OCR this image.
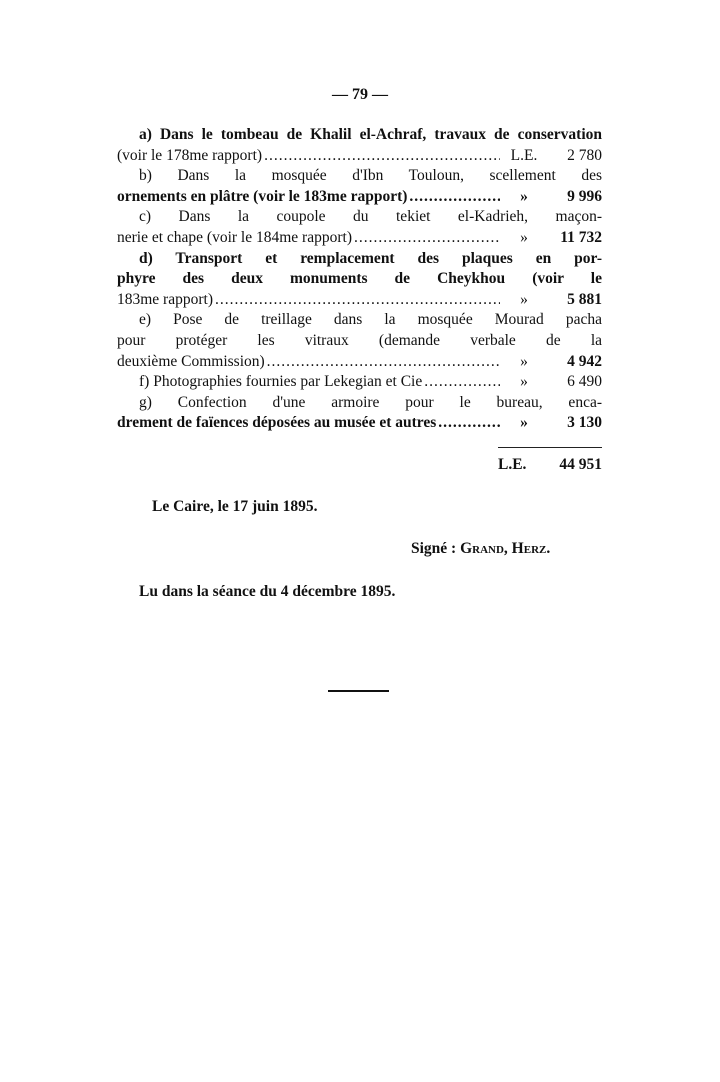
— 79 —
a) Dans le tombeau de Khalil el-Achraf, travaux de conservation
(voir le 178me rapport) .....	L.E.	2 780
b) Dans la mosquée d'Ibn Touloun, scellement des
ornements en plâtre (voir le 183me rapport) .....	»	9 996
c) Dans la coupole du tekiet el-Kadrieh, maçon-
nerie et chape (voir le 184me rapport) .....	»	11 732
d) Transport et remplacement des plaques en por-
phyre des deux monuments de Cheykhou (voir le
183me rapport) .....	»	5 881
e) Pose de treillage dans la mosquée Mourad pacha
pour protéger les vitraux (demande verbale de la
deuxième Commission) .....	»	4 942
f) Photographies fournies par Lekegian et Cie .....	»	6 490
g) Confection d'une armoire pour le bureau, enca-
drement de faïences déposées au musée et autres .....	»	3 130
L.E. 44 951
Le Caire, le 17 juin 1895.
Signé : Grand, Herz.
Lu dans la séance du 4 décembre 1895.
